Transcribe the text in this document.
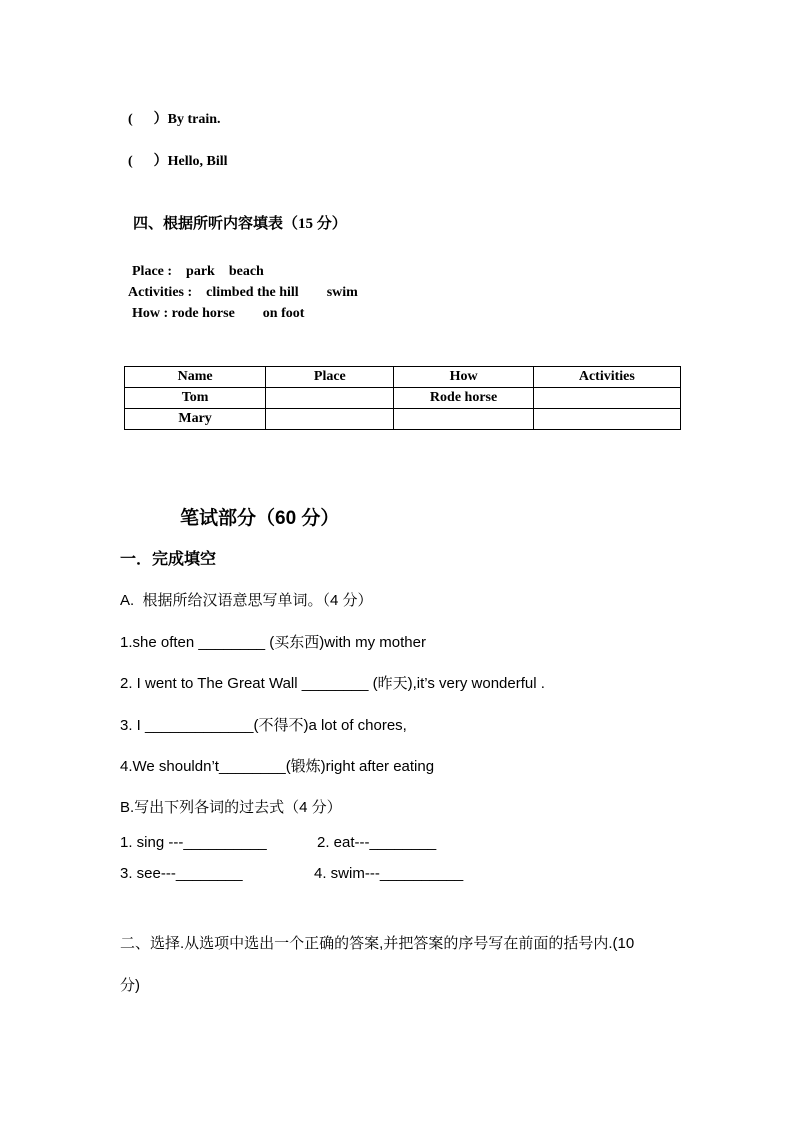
(      ）By train.
(      ）Hello, Bill
四、根据所听内容填表（15 分）
Place :    park    beach
Activities :    climbed the hill        swim
How : rode horse        on foot
Name	Place	How	Activities
Tom		Rode horse	
Mary			
笔试部分（60 分）
一．完成填空
A.  根据所给汉语意思写单词。（4 分）
1.she often ________ (买东西)with my mother
2. I went to The Great Wall ________ (昨天),it’s very wonderful .
3. I _____________(不得不)a lot of chores,
4.We shouldn’t________(锻炼)right after eating
B.写出下列各词的过去式（4 分）
1. sing ---__________	2. eat---________
3. see---________	4. swim---__________
二、选择.从选项中选出一个正确的答案,并把答案的序号写在前面的括号内.(10
分)
